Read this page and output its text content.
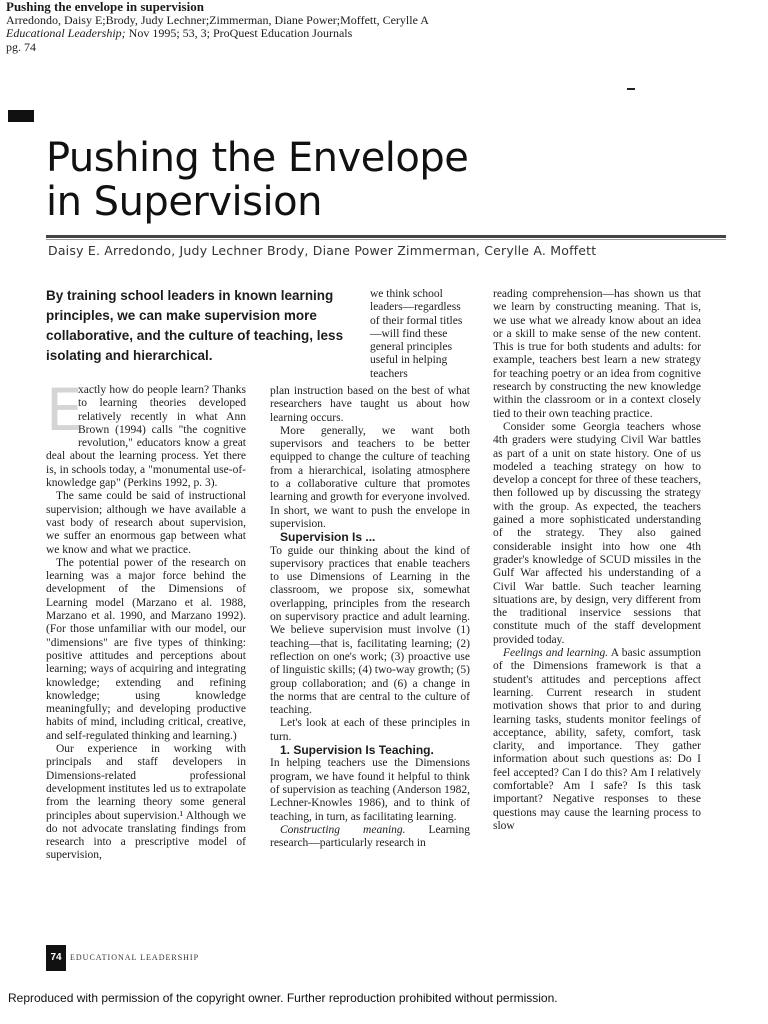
Pushing the envelope in supervision
Arredondo, Daisy E;Brody, Judy Lechner;Zimmerman, Diane Power;Moffett, Cerylle A
Educational Leadership; Nov 1995; 53, 3; ProQuest Education Journals
pg. 74
Pushing the Envelope
in Supervision
Daisy E. Arredondo, Judy Lechner Brody, Diane Power Zimmerman, Cerylle A. Moffett
By training school leaders in known learning principles, we can make supervision more collaborative, and the culture of teaching, less isolating and hierarchical.
E

xactly how do people learn? Thanks to learning theories developed relatively recently in what Ann Brown (1994) calls "the cognitive revolution," educators know a great deal about the learning process. Yet there is, in schools today, a "monumental use-of-knowledge gap" (Perkins 1992, p. 3).

The same could be said of instructional supervision; although we have available a vast body of research about supervision, we suffer an enormous gap between what we know and what we practice.

The potential power of the research on learning was a major force behind the development of the Dimensions of Learning model (Marzano et al. 1988, Marzano et al. 1990, and Marzano 1992). (For those unfamiliar with our model, our "dimensions" are five types of thinking: positive attitudes and perceptions about learning; ways of acquiring and integrating knowledge; extending and refining knowledge; using knowledge meaningfully; and developing productive habits of mind, including critical, creative, and self-regulated thinking and learning.)

Our experience in working with principals and staff developers in Dimensions-related professional development institutes led us to extrapolate from the learning theory some general principles about supervision.¹ Although we do not advocate translating findings from research into a prescriptive model of supervision,

we think school leaders—regardless of their formal titles—will find these general principles useful in helping teachers

plan instruction based on the best of what researchers have taught us about how learning occurs.

More generally, we want both supervisors and teachers to be better equipped to change the culture of teaching from a hierarchical, isolating atmosphere to a collaborative culture that promotes learning and growth for everyone involved. In short, we want to push the envelope in supervision.

Supervision Is ...

To guide our thinking about the kind of supervisory practices that enable teachers to use Dimensions of Learning in the classroom, we propose six, somewhat overlapping, principles from the research on supervisory practice and adult learning. We believe supervision must involve (1) teaching—that is, facilitating learning; (2) reflection on one's work; (3) proactive use of linguistic skills; (4) two-way growth; (5) group collaboration; and (6) a change in the norms that are central to the culture of teaching.

Let's look at each of these principles in turn.

1. Supervision Is Teaching.

In helping teachers use the Dimensions program, we have found it helpful to think of supervision as teaching (Anderson 1982, Lechner-Knowles 1986), and to think of teaching, in turn, as facilitating learning.

Constructing meaning. Learning research—particularly research in

reading comprehension—has shown us that we learn by constructing meaning. That is, we use what we already know about an idea or a skill to make sense of the new content. This is true for both students and adults: for example, teachers best learn a new strategy for teaching poetry or an idea from cognitive research by constructing the new knowledge within the classroom or in a context closely tied to their own teaching practice.

Consider some Georgia teachers whose 4th graders were studying Civil War battles as part of a unit on state history. One of us modeled a teaching strategy on how to develop a concept for three of these teachers, then followed up by discussing the strategy with the group. As expected, the teachers gained a more sophisticated understanding of the strategy. They also gained considerable insight into how one 4th grader's knowledge of SCUD missiles in the Gulf War affected his understanding of a Civil War battle. Such teacher learning situations are, by design, very different from the traditional inservice sessions that constitute much of the staff development provided today.

Feelings and learning. A basic assumption of the Dimensions framework is that a student's attitudes and perceptions affect learning. Current research in student motivation shows that prior to and during learning tasks, students monitor feelings of acceptance, ability, safety, comfort, task clarity, and importance. They gather information about such questions as: Do I feel accepted? Can I do this? Am I relatively comfortable? Am I safe? Is this task important? Negative responses to these questions may cause the learning process to slow

74	EDUCATIONAL LEADERSHIP
Reproduced with permission of the copyright owner. Further reproduction prohibited without permission.
